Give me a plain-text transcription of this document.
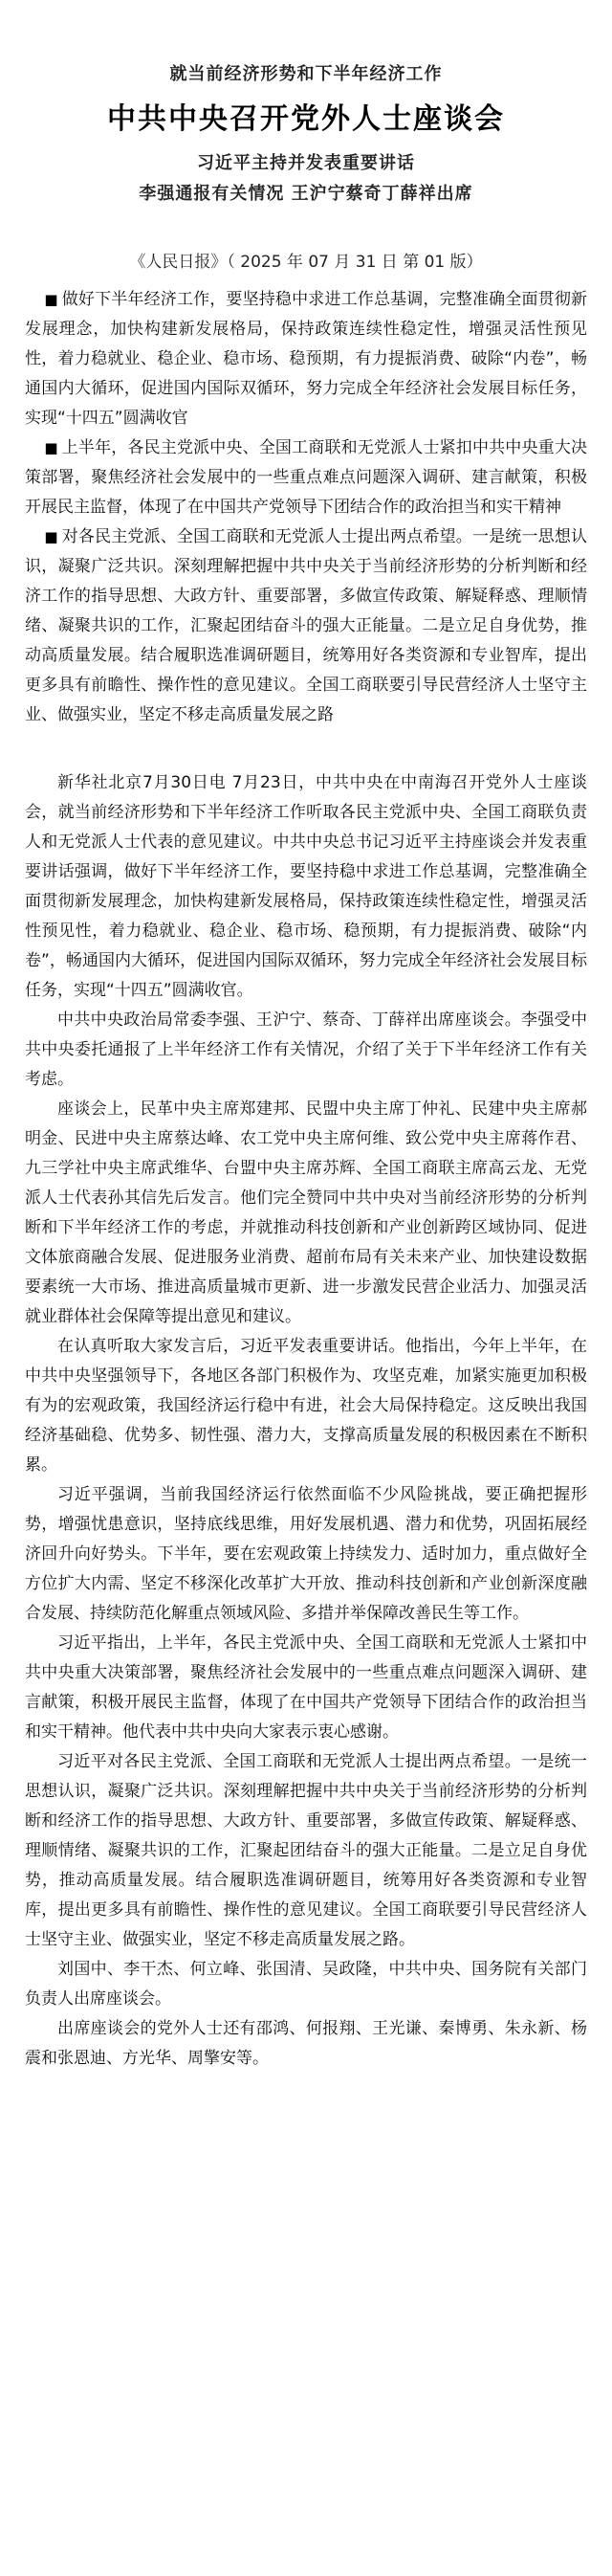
就当前经济形势和下半年经济工作
中共中央召开党外人士座谈会
习近平主持并发表重要讲话
李强通报有关情况 王沪宁蔡奇丁薛祥出席
《人民日报》（ 2025 年 07 月 31 日 第 01 版）

■ 做好下半年经济工作，要坚持稳中求进工作总基调，完整准确全面贯彻新发展理念，加快构建新发展格局，保持政策连续性稳定性，增强灵活性预见性，着力稳就业、稳企业、稳市场、稳预期，有力提振消费、破除“内卷”，畅通国内大循环，促进国内国际双循环，努力完成全年经济社会发展目标任务，实现“十四五”圆满收官

■ 上半年，各民主党派中央、全国工商联和无党派人士紧扣中共中央重大决策部署，聚焦经济社会发展中的一些重点难点问题深入调研、建言献策，积极开展民主监督，体现了在中国共产党领导下团结合作的政治担当和实干精神

■ 对各民主党派、全国工商联和无党派人士提出两点希望。一是统一思想认识，凝聚广泛共识。深刻理解把握中共中央关于当前经济形势的分析判断和经济工作的指导思想、大政方针、重要部署，多做宣传政策、解疑释惑、理顺情绪、凝聚共识的工作，汇聚起团结奋斗的强大正能量。二是立足自身优势，推动高质量发展。结合履职选准调研题目，统筹用好各类资源和专业智库，提出更多具有前瞻性、操作性的意见建议。全国工商联要引导民营经济人士坚守主业、做强实业，坚定不移走高质量发展之路

新华社北京7月30日电 7月23日，中共中央在中南海召开党外人士座谈会，就当前经济形势和下半年经济工作听取各民主党派中央、全国工商联负责人和无党派人士代表的意见建议。中共中央总书记习近平主持座谈会并发表重要讲话强调，做好下半年经济工作，要坚持稳中求进工作总基调，完整准确全面贯彻新发展理念，加快构建新发展格局，保持政策连续性稳定性，增强灵活性预见性，着力稳就业、稳企业、稳市场、稳预期，有力提振消费、破除“内卷”，畅通国内大循环，促进国内国际双循环，努力完成全年经济社会发展目标任务，实现“十四五”圆满收官。

中共中央政治局常委李强、王沪宁、蔡奇、丁薛祥出席座谈会。李强受中共中央委托通报了上半年经济工作有关情况，介绍了关于下半年经济工作有关考虑。

座谈会上，民革中央主席郑建邦、民盟中央主席丁仲礼、民建中央主席郝明金、民进中央主席蔡达峰、农工党中央主席何维、致公党中央主席蒋作君、九三学社中央主席武维华、台盟中央主席苏辉、全国工商联主席高云龙、无党派人士代表孙其信先后发言。他们完全赞同中共中央对当前经济形势的分析判断和下半年经济工作的考虑，并就推动科技创新和产业创新跨区域协同、促进文体旅商融合发展、促进服务业消费、超前布局有关未来产业、加快建设数据要素统一大市场、推进高质量城市更新、进一步激发民营企业活力、加强灵活就业群体社会保障等提出意见和建议。

在认真听取大家发言后，习近平发表重要讲话。他指出，今年上半年，在中共中央坚强领导下，各地区各部门积极作为、攻坚克难，加紧实施更加积极有为的宏观政策，我国经济运行稳中有进，社会大局保持稳定。这反映出我国经济基础稳、优势多、韧性强、潜力大，支撑高质量发展的积极因素在不断积累。

习近平强调，当前我国经济运行依然面临不少风险挑战，要正确把握形势，增强忧患意识，坚持底线思维，用好发展机遇、潜力和优势，巩固拓展经济回升向好势头。下半年，要在宏观政策上持续发力、适时加力，重点做好全方位扩大内需、坚定不移深化改革扩大开放、推动科技创新和产业创新深度融合发展、持续防范化解重点领域风险、多措并举保障改善民生等工作。

习近平指出，上半年，各民主党派中央、全国工商联和无党派人士紧扣中共中央重大决策部署，聚焦经济社会发展中的一些重点难点问题深入调研、建言献策，积极开展民主监督，体现了在中国共产党领导下团结合作的政治担当和实干精神。他代表中共中央向大家表示衷心感谢。

习近平对各民主党派、全国工商联和无党派人士提出两点希望。一是统一思想认识，凝聚广泛共识。深刻理解把握中共中央关于当前经济形势的分析判断和经济工作的指导思想、大政方针、重要部署，多做宣传政策、解疑释惑、理顺情绪、凝聚共识的工作，汇聚起团结奋斗的强大正能量。二是立足自身优势，推动高质量发展。结合履职选准调研题目，统筹用好各类资源和专业智库，提出更多具有前瞻性、操作性的意见建议。全国工商联要引导民营经济人士坚守主业、做强实业，坚定不移走高质量发展之路。

刘国中、李干杰、何立峰、张国清、吴政隆，中共中央、国务院有关部门负责人出席座谈会。

出席座谈会的党外人士还有邵鸿、何报翔、王光谦、秦博勇、朱永新、杨震和张恩迪、方光华、周擎安等。
